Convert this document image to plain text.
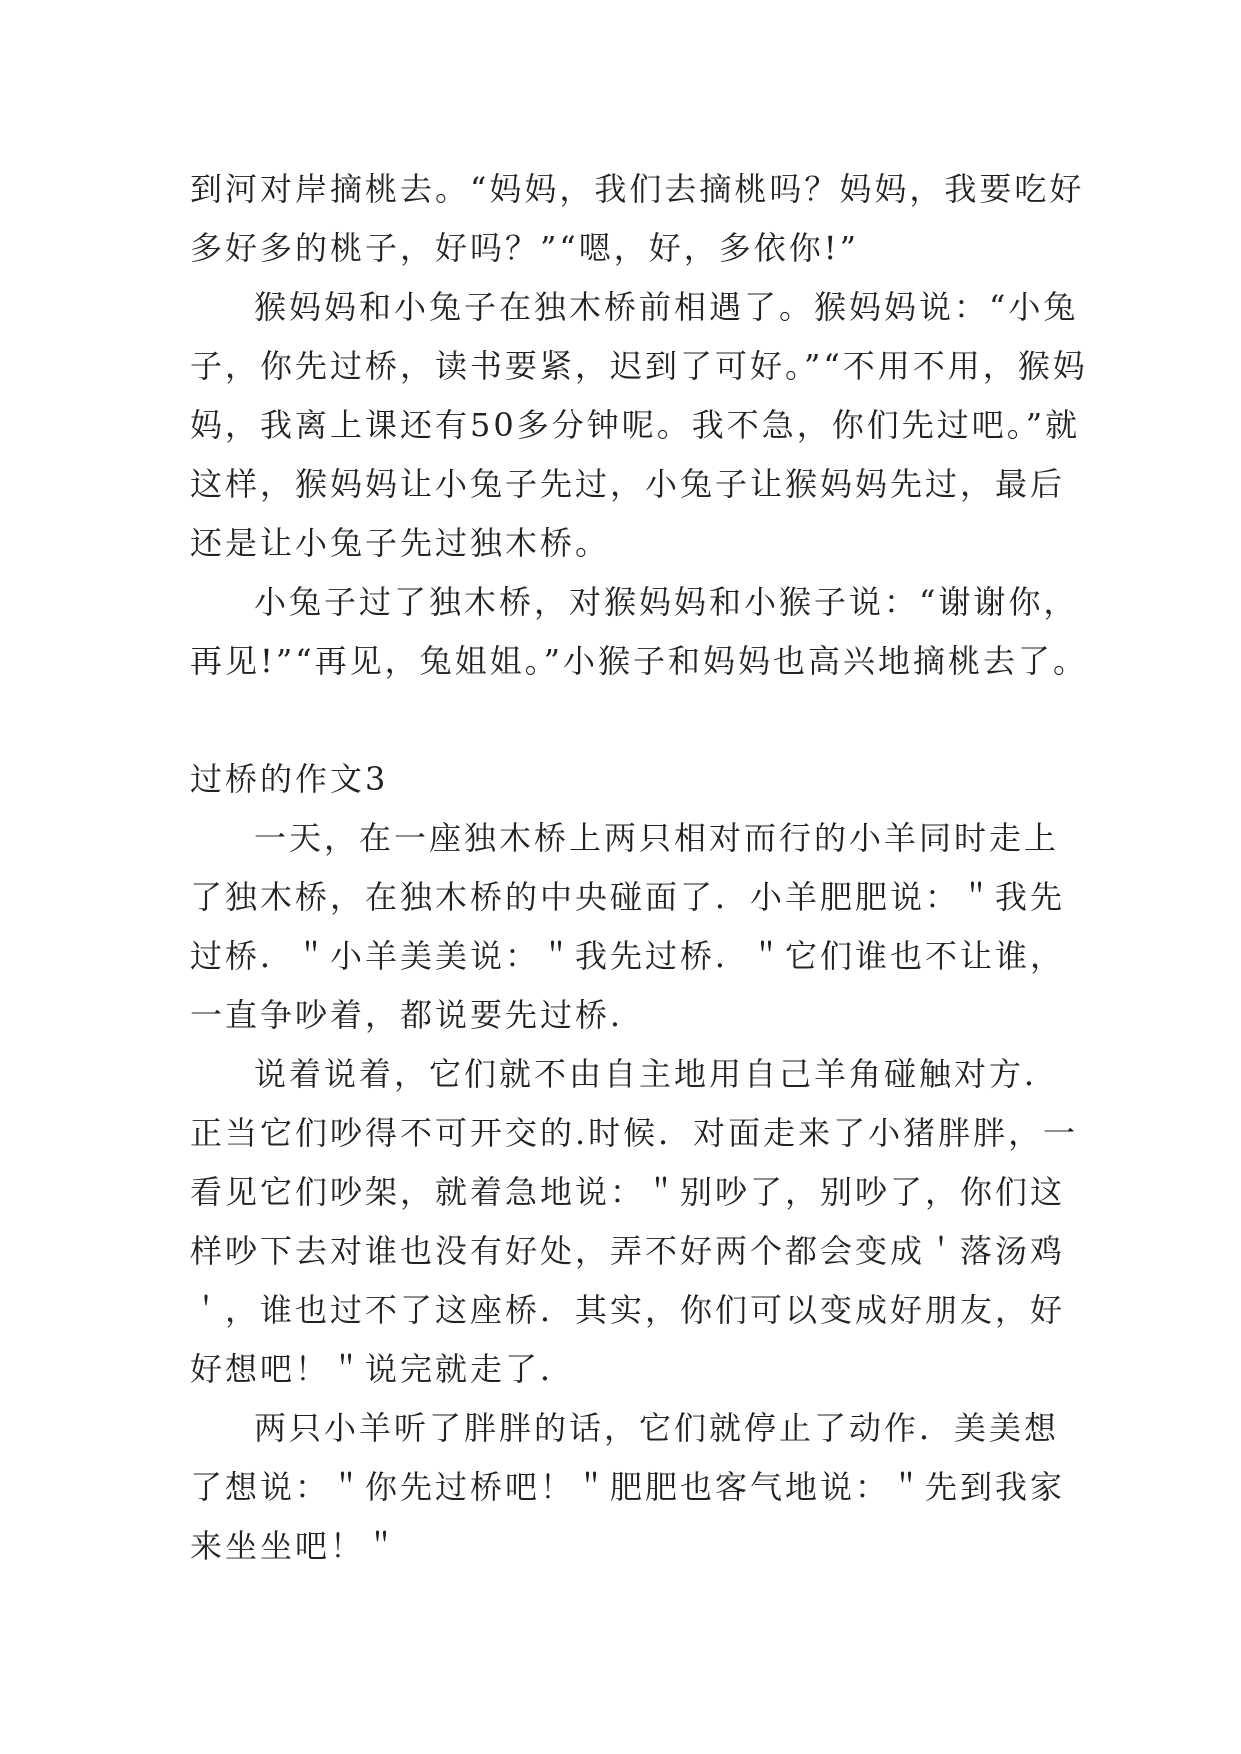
到河对岸摘桃去。“妈妈，我们去摘桃吗？妈妈，我要吃好多好多的桃子，好吗？”“嗯，好，多依你!”

猴妈妈和小兔子在独木桥前相遇了。猴妈妈说：“小兔子，你先过桥，读书要紧，迟到了可好。”“不用不用，猴妈妈，我离上课还有50多分钟呢。我不急，你们先过吧。”就这样，猴妈妈让小兔子先过，小兔子让猴妈妈先过，最后还是让小兔子先过独木桥。

小兔子过了独木桥，对猴妈妈和小猴子说：“谢谢你，再见!”“再见，兔姐姐。”小猴子和妈妈也高兴地摘桃去了。

过桥的作文3

一天，在一座独木桥上两只相对而行的小羊同时走上了独木桥，在独木桥的中央碰面了．小羊肥肥说：＂我先过桥．＂小羊美美说：＂我先过桥．＂它们谁也不让谁，一直争吵着，都说要先过桥．

说着说着，它们就不由自主地用自己羊角碰触对方．正当它们吵得不可开交的.时候．对面走来了小猪胖胖，一看见它们吵架，就着急地说：＂别吵了，别吵了，你们这样吵下去对谁也没有好处，弄不好两个都会变成＇落汤鸡＇，谁也过不了这座桥．其实，你们可以变成好朋友，好好想吧！＂说完就走了．

两只小羊听了胖胖的话，它们就停止了动作．美美想了想说：＂你先过桥吧！＂肥肥也客气地说：＂先到我家来坐坐吧！＂
